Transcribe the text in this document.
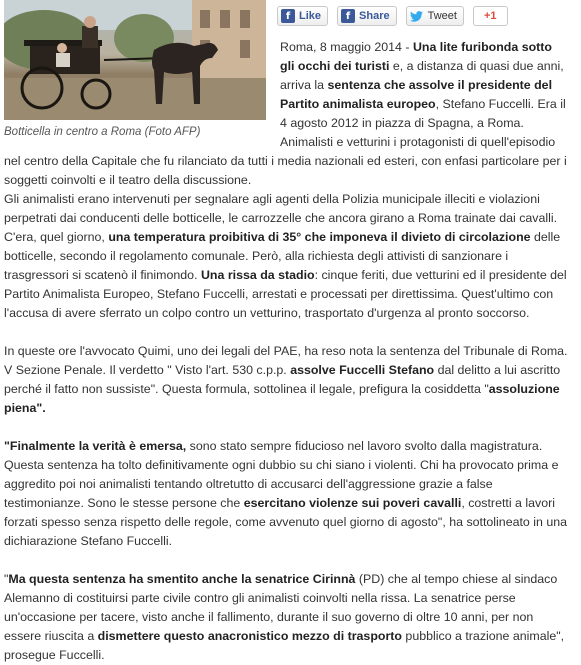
f Like	f Share	Tweet +1
Botticella in centro a Roma (Foto AFP)

Roma, 8 maggio 2014 - Una lite furibonda sotto gli occhi dei turisti e, a distanza di quasi due anni, arriva la sentenza che assolve il presidente del Partito animalista europeo, Stefano Fuccelli. Era il 4 agosto 2012 in piazza di Spagna, a Roma. Animalisti e vetturini i protagonisti di quell'episodio nel centro della Capitale che fu rilanciato da tutti i media nazionali ed esteri, con enfasi particolare per i soggetti coinvolti e il teatro della discussione.

Gli animalisti erano intervenuti per segnalare agli agenti della Polizia municipale illeciti e violazioni perpetrati dai conducenti delle botticelle, le carrozzelle che ancora girano a Roma trainate dai cavalli. C'era, quel giorno, una temperatura proibitiva di 35° che imponeva il divieto di circolazione delle botticelle, secondo il regolamento comunale. Però, alla richiesta degli attivisti di sanzionare i trasgressori si scatenò il finimondo. Una rissa da stadio: cinque feriti, due vetturini ed il presidente del Partito Animalista Europeo, Stefano Fuccelli, arrestati e processati per direttissima. Quest'ultimo con l'accusa di avere sferrato un colpo contro un vetturino, trasportato d'urgenza al pronto soccorso.

In queste ore l'avvocato Quimi, uno dei legali del PAE, ha reso nota la sentenza del Tribunale di Roma. V Sezione Penale. Il verdetto " Visto l'art. 530 c.p.p. assolve Fuccelli Stefano dal delitto a lui ascritto perché il fatto non sussiste". Questa formula, sottolinea il legale, prefigura la cosiddetta "assoluzione piena".

"Finalmente la verità è emersa, sono stato sempre fiducioso nel lavoro svolto dalla magistratura. Questa sentenza ha tolto definitivamente ogni dubbio su chi siano i violenti. Chi ha provocato prima e aggredito poi noi animalisti tentando oltretutto di accusarci dell'aggressione grazie a false testimonianze. Sono le stesse persone che esercitano violenze sui poveri cavalli, costretti a lavori forzati spesso senza rispetto delle regole, come avvenuto quel giorno di agosto", ha sottolineato in una dichiarazione Stefano Fuccelli.

"Ma questa sentenza ha smentito anche la senatrice Cirinnà (PD) che al tempo chiese al sindaco Alemanno di costituirsi parte civile contro gli animalisti coinvolti nella rissa. La senatrice perse un'occasione per tacere, visto anche il fallimento, durante il suo governo di oltre 10 anni, per non essere riuscita a dismettere questo anacronistico mezzo di trasporto pubblico a trazione animale", prosegue Fuccelli.
